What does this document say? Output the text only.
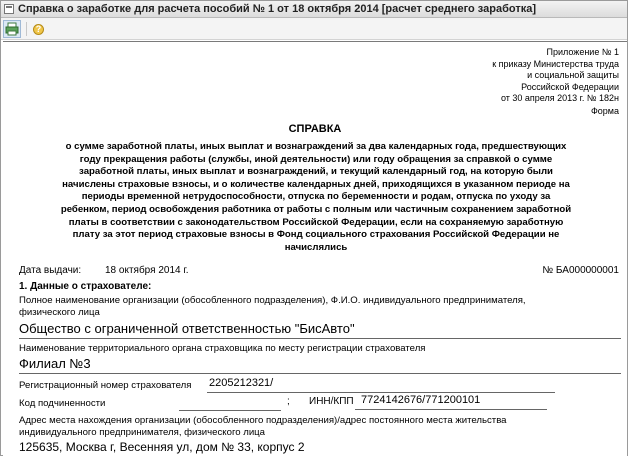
Справка о заработке для расчета пособий № 1 от 18 октября 2014 [расчет среднего заработка]
?
Приложение № 1
к приказу Министерства труда
и социальной защиты
Российской Федерации
от 30 апреля 2013 г. № 182н
Форма
СПРАВКА
о сумме заработной платы, иных выплат и вознаграждений за два календарных года, предшествующих
году прекращения работы (службы, иной деятельности) или году обращения за справкой о сумме
заработной платы, иных выплат и вознаграждений, и текущий календарный год, на которую были
начислены страховые взносы, и о количестве календарных дней, приходящихся в указанном периоде на
периоды временной нетрудоспособности, отпуска по беременности и родам, отпуска по уходу за
ребенком, период освобождения работника от работы с полным или частичным сохранением заработной
платы в соответствии с законодательством Российской Федерации, если на сохраняемую заработную
плату за этот период страховые взносы в Фонд социального страхования Российской Федерации не
начислялись
Дата выдачи: 18 октября 2014 г.	№ БА000000001
1. Данные о страхователе:
Полное наименование организации (обособленного подразделения), Ф.И.О. индивидуального предпринимателя,
физического лица
Общество с ограниченной ответственностью "БисАвто"
Наименование территориального органа страховщика по месту регистрации страхователя
Филиал №3
Регистрационный номер страхователя 2205212321/
Код подчиненности	; ИНН/КПП 7724142676/771200101
Адрес места нахождения организации (обособленного подразделения)/адрес постоянного места жительства
индивидуального предпринимателя, физического лица
125635, Москва г, Весенняя ул, дом № 33, корпус 2
